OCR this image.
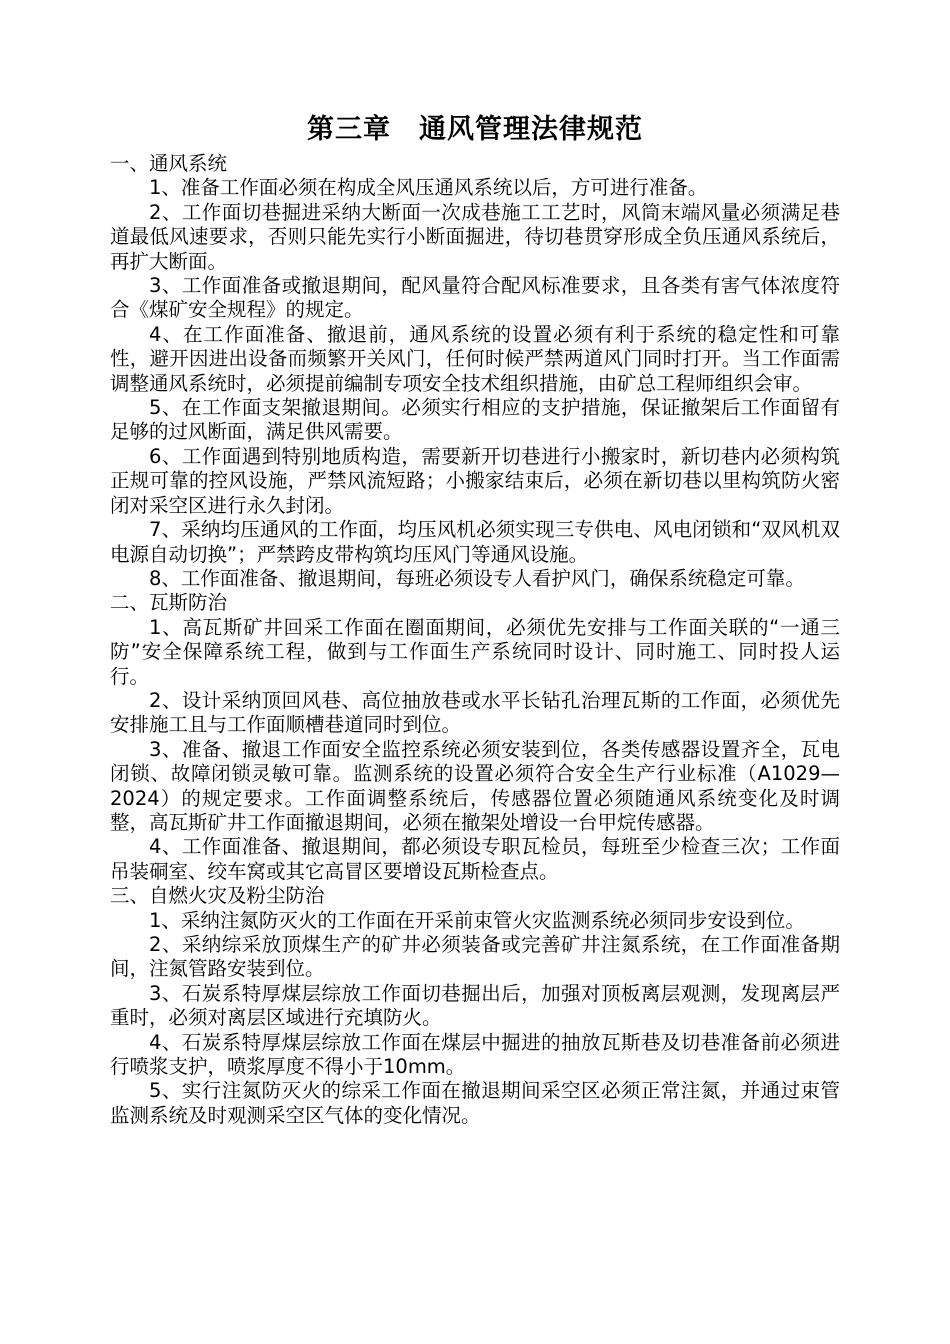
第三章　通风管理法律规范

一、通风系统

1、准备工作面必须在构成全风压通风系统以后，方可进行准备。

2、工作面切巷掘进采纳大断面一次成巷施工工艺时，风筒末端风量必须满足巷道最低风速要求，否则只能先实行小断面掘进，待切巷贯穿形成全负压通风系统后，再扩大断面。

3、工作面准备或撤退期间，配风量符合配风标准要求，且各类有害气体浓度符合《煤矿安全规程》的规定。

4、在工作面准备、撤退前，通风系统的设置必须有利于系统的稳定性和可靠性，避开因进出设备而频繁开关风门，任何时候严禁两道风门同时打开。当工作面需调整通风系统时，必须提前编制专项安全技术组织措施，由矿总工程师组织会审。

5、在工作面支架撤退期间。必须实行相应的支护措施，保证撤架后工作面留有足够的过风断面，满足供风需要。

6、工作面遇到特别地质构造，需要新开切巷进行小搬家时，新切巷内必须构筑正规可靠的控风设施，严禁风流短路；小搬家结束后，必须在新切巷以里构筑防火密闭对采空区进行永久封闭。

7、采纳均压通风的工作面，均压风机必须实现三专供电、风电闭锁和“双风机双电源自动切换”；严禁跨皮带构筑均压风门等通风设施。

8、工作面准备、撤退期间，每班必须设专人看护风门，确保系统稳定可靠。

二、瓦斯防治

1、高瓦斯矿井回采工作面在圈面期间，必须优先安排与工作面关联的“一通三防”安全保障系统工程，做到与工作面生产系统同时设计、同时施工、同时投人运行。

2、设计采纳顶回风巷、高位抽放巷或水平长钻孔治理瓦斯的工作面，必须优先安排施工且与工作面顺槽巷道同时到位。

3、准备、撤退工作面安全监控系统必须安装到位，各类传感器设置齐全，瓦电闭锁、故障闭锁灵敏可靠。监测系统的设置必须符合安全生产行业标准（A1029—2024）的规定要求。工作面调整系统后，传感器位置必须随通风系统变化及时调整，高瓦斯矿井工作面撤退期间，必须在撤架处增设一台甲烷传感器。

4、工作面准备、撤退期间，都必须设专职瓦检员，每班至少检查三次；工作面吊装硐室、绞车窝或其它高冒区要增设瓦斯检查点。

三、自燃火灾及粉尘防治

1、采纳注氮防灭火的工作面在开采前束管火灾监测系统必须同步安设到位。

2、采纳综采放顶煤生产的矿井必须装备或完善矿井注氮系统，在工作面准备期间，注氮管路安装到位。

3、石炭系特厚煤层综放工作面切巷掘出后，加强对顶板离层观测，发现离层严重时，必须对离层区域进行充填防火。

4、石炭系特厚煤层综放工作面在煤层中掘进的抽放瓦斯巷及切巷准备前必须进行喷浆支护，喷浆厚度不得小于10mm。

5、实行注氮防灭火的综采工作面在撤退期间采空区必须正常注氮，并通过束管监测系统及时观测采空区气体的变化情况。
